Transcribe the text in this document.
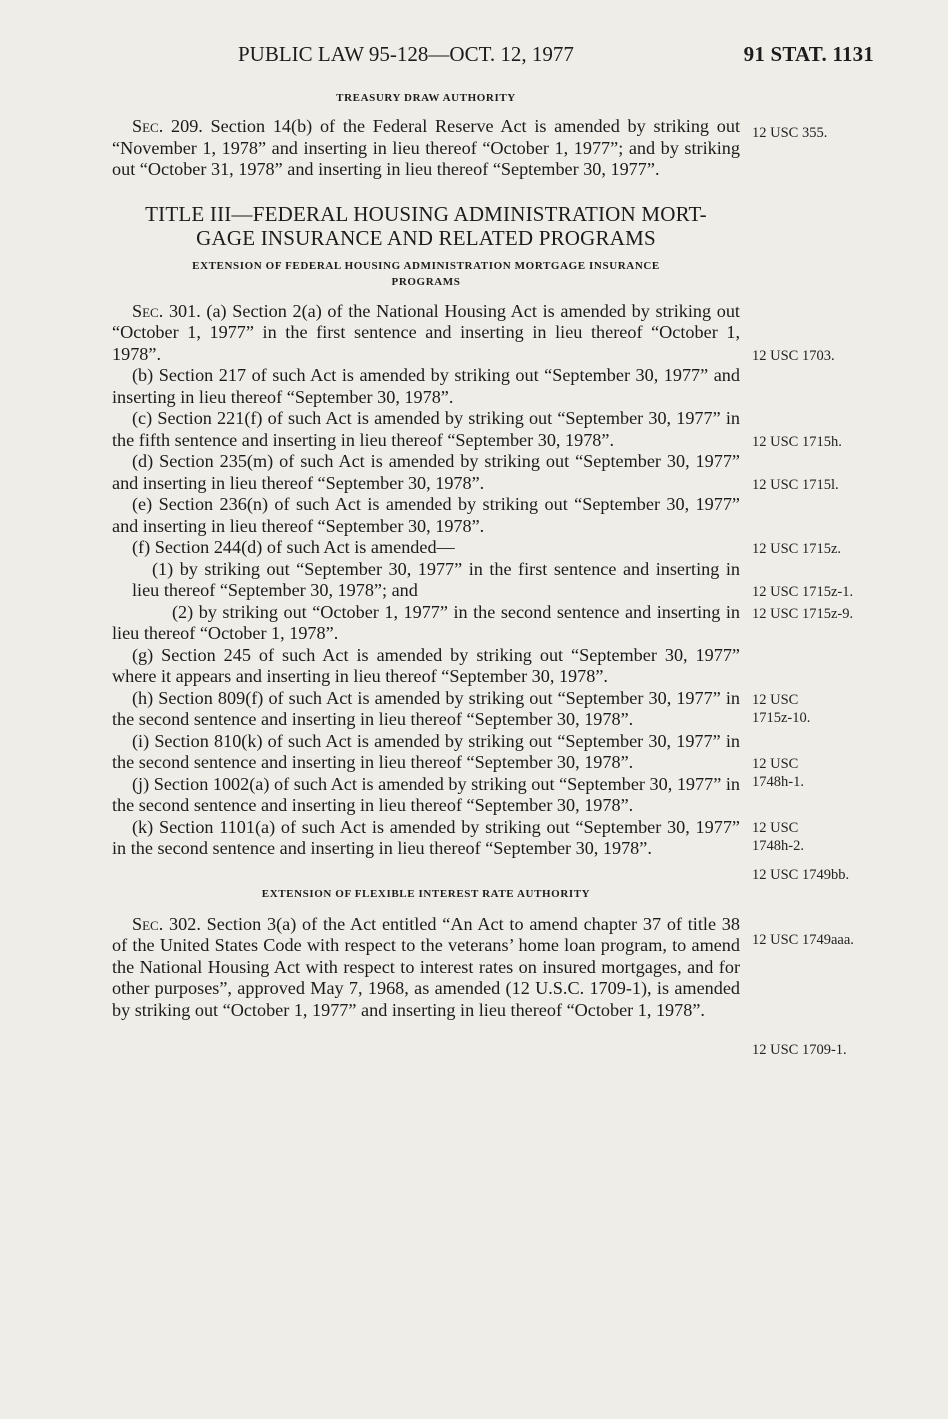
PUBLIC LAW 95-128—OCT. 12, 1977	91 STAT. 1131

TREASURY DRAW AUTHORITY

Sec. 209. Section 14(b) of the Federal Reserve Act is amended by striking out “November 1, 1978” and inserting in lieu thereof “October 1, 1977”; and by striking out “October 31, 1978” and inserting in lieu thereof “September 30, 1977”.

TITLE III—FEDERAL HOUSING ADMINISTRATION MORT-

GAGE INSURANCE AND RELATED PROGRAMS

EXTENSION OF FEDERAL HOUSING ADMINISTRATION MORTGAGE INSURANCE

PROGRAMS

Sec. 301. (a) Section 2(a) of the National Housing Act is amended by striking out “October 1, 1977” in the first sentence and inserting in lieu thereof “October 1, 1978”.

(b) Section 217 of such Act is amended by striking out “September 30, 1977” and inserting in lieu thereof “September 30, 1978”.

(c) Section 221(f) of such Act is amended by striking out “September 30, 1977” in the fifth sentence and inserting in lieu thereof “September 30, 1978”.

(d) Section 235(m) of such Act is amended by striking out “September 30, 1977” and inserting in lieu thereof “September 30, 1978”.

(e) Section 236(n) of such Act is amended by striking out “September 30, 1977” and inserting in lieu thereof “September 30, 1978”.

(f) Section 244(d) of such Act is amended—

(1) by striking out “September 30, 1977” in the first sentence and inserting in lieu thereof “September 30, 1978”; and

(2) by striking out “October 1, 1977” in the second sentence and inserting in lieu thereof “October 1, 1978”.

(g) Section 245 of such Act is amended by striking out “September 30, 1977” where it appears and inserting in lieu thereof “September 30, 1978”.

(h) Section 809(f) of such Act is amended by striking out “September 30, 1977” in the second sentence and inserting in lieu thereof “September 30, 1978”.

(i) Section 810(k) of such Act is amended by striking out “September 30, 1977” in the second sentence and inserting in lieu thereof “September 30, 1978”.

(j) Section 1002(a) of such Act is amended by striking out “September 30, 1977” in the second sentence and inserting in lieu thereof “September 30, 1978”.

(k) Section 1101(a) of such Act is amended by striking out “September 30, 1977” in the second sentence and inserting in lieu thereof “September 30, 1978”.

EXTENSION OF FLEXIBLE INTEREST RATE AUTHORITY

Sec. 302. Section 3(a) of the Act entitled “An Act to amend chapter 37 of title 38 of the United States Code with respect to the veterans’ home loan program, to amend the National Housing Act with respect to interest rates on insured mortgages, and for other purposes”, approved May 7, 1968, as amended (12 U.S.C. 1709-1), is amended by striking out “October 1, 1977” and inserting in lieu thereof “October 1, 1978”.

12 USC 355.
12 USC 1703.
12 USC 1715h.
12 USC 1715l.
12 USC 1715z.
12 USC 1715z-1.
12 USC 1715z-9.
12 USC
1715z-10.
12 USC
1748h-1.
12 USC
1748h-2.
12 USC 1749bb.
12 USC 1749aaa.
12 USC 1709-1.
